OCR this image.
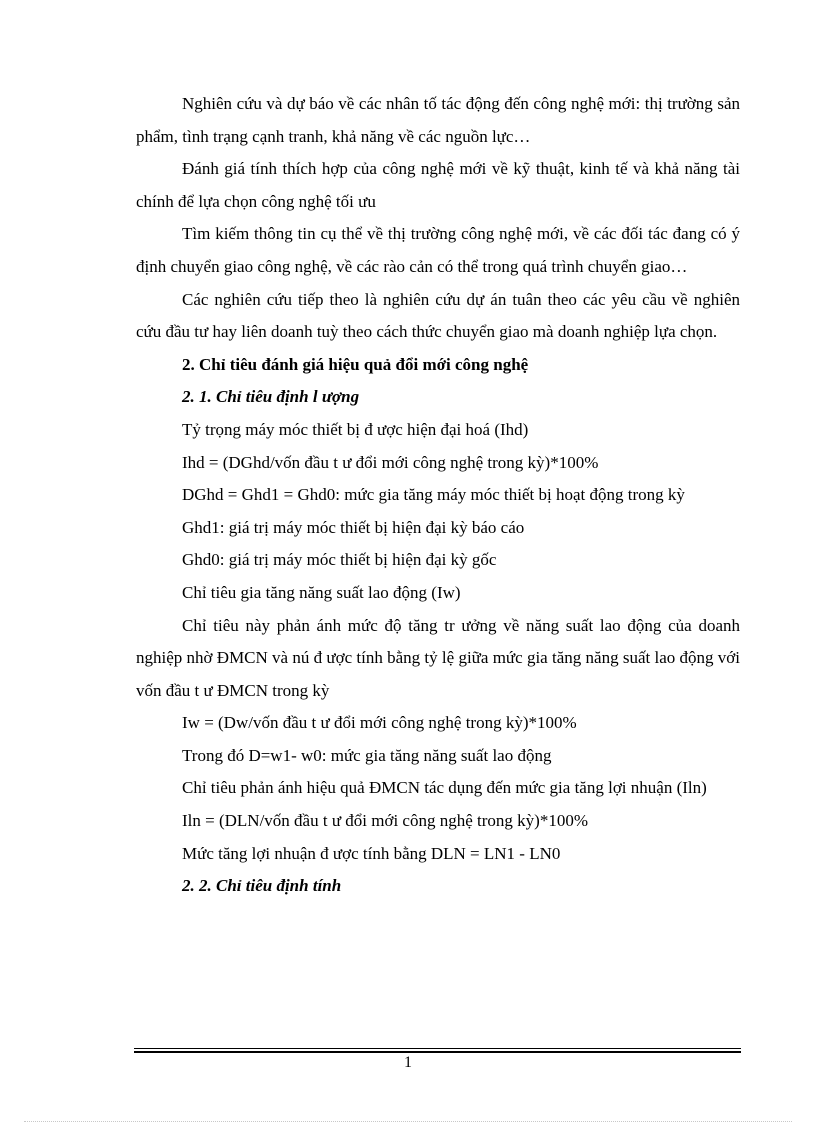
Nghiên cứu và dự báo về các nhân tố tác động đến công nghệ mới: thị trường sản phẩm, tình trạng cạnh tranh, khả năng về các nguồn lực…

Đánh giá tính thích hợp của công nghệ mới về kỹ thuật, kinh tế và khả năng tài chính để lựa chọn công nghệ tối ưu

Tìm kiếm thông tin cụ thể về thị trường công nghệ mới, về các đối tác đang có ý định chuyển giao công nghệ, về các rào cản có thể trong quá trình chuyển giao…

Các nghiên cứu tiếp theo là nghiên cứu dự án tuân theo các yêu cầu về nghiên cứu đầu tư hay liên doanh tuỳ theo cách thức chuyển giao mà doanh nghiệp lựa chọn.

2. Chỉ tiêu đánh giá hiệu quả đổi mới công nghệ

2. 1. Chỉ tiêu định l ượng

Tỷ trọng máy móc thiết bị đ ược hiện đại hoá (Ihd)

Ihd = (DGhd/vốn đầu t ư đổi mới công nghệ trong kỳ)*100%

DGhd = Ghd1 = Ghd0: mức gia tăng máy móc thiết bị hoạt động trong kỳ

Ghd1: giá trị máy móc thiết bị hiện đại kỳ báo cáo

Ghd0: giá trị máy móc thiết bị hiện đại kỳ gốc

Chỉ tiêu gia tăng năng suất lao động (Iw)

Chỉ tiêu này phản ánh mức độ tăng tr ưởng về năng suất lao động của doanh nghiệp nhờ ĐMCN và nú đ ược tính bằng tỷ lệ giữa mức gia tăng năng suất lao động với vốn đầu t ư ĐMCN trong kỳ

Iw = (Dw/vốn đầu t ư đổi mới công nghệ trong kỳ)*100%

Trong đó D=w1- w0: mức gia tăng năng suất lao động

Chỉ tiêu phản ánh hiệu quả ĐMCN tác dụng đến mức gia tăng lợi nhuận (Iln)

Iln = (DLN/vốn đầu t ư đổi mới công nghệ trong kỳ)*100%

Mức tăng lợi nhuận đ ược tính bằng DLN = LN1 - LN0

2. 2. Chỉ tiêu định tính

1
